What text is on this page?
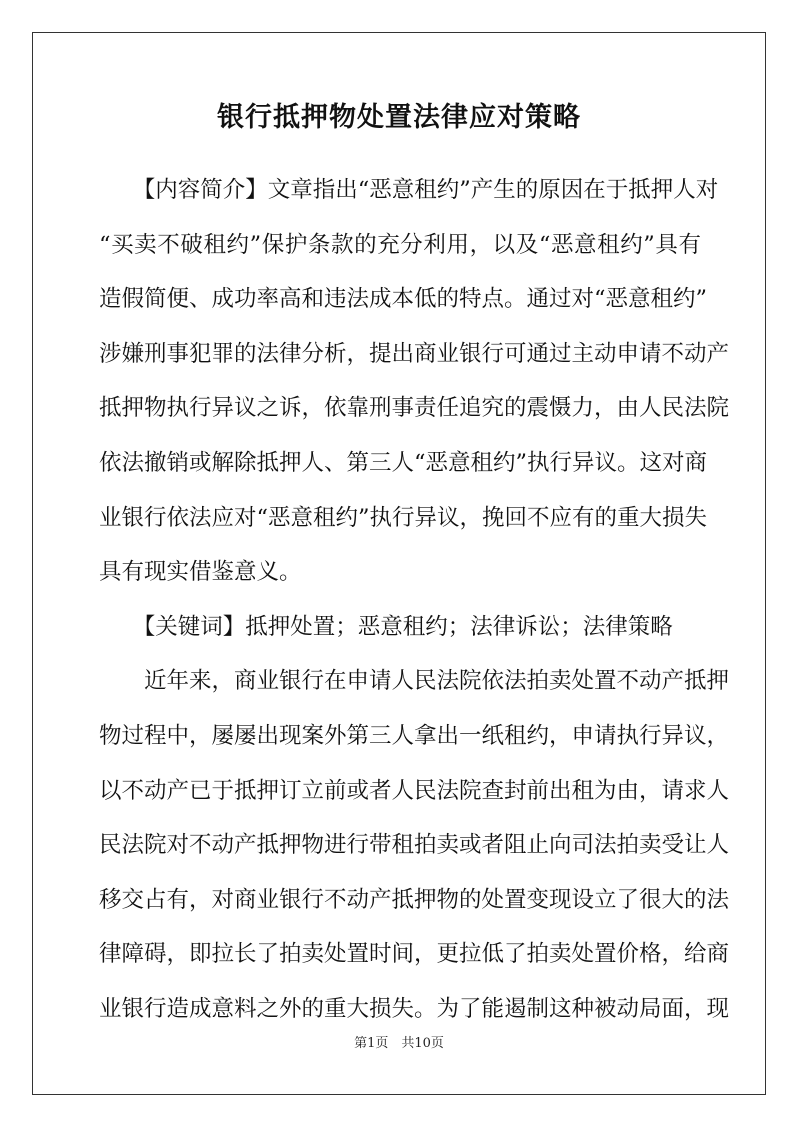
银行抵押物处置法律应对策略
　　【内容简介】文章指出“恶意租约”产生的原因在于抵押人对
“买卖不破租约”保护条款的充分利用，以及“恶意租约”具有
造假简便、成功率高和违法成本低的特点。通过对“恶意租约”
涉嫌刑事犯罪的法律分析，提出商业银行可通过主动申请不动产
抵押物执行异议之诉，依靠刑事责任追究的震慑力，由人民法院
依法撤销或解除抵押人、第三人“恶意租约”执行异议。这对商
业银行依法应对“恶意租约”执行异议，挽回不应有的重大损失
具有现实借鉴意义。
　　【关键词】抵押处置；恶意租约；法律诉讼；法律策略
　　近年来，商业银行在申请人民法院依法拍卖处置不动产抵押
物过程中，屡屡出现案外第三人拿出一纸租约，申请执行异议，
以不动产已于抵押订立前或者人民法院查封前出租为由，请求人
民法院对不动产抵押物进行带租拍卖或者阻止向司法拍卖受让人
移交占有，对商业银行不动产抵押物的处置变现设立了很大的法
律障碍，即拉长了拍卖处置时间，更拉低了拍卖处置价格，给商
业银行造成意料之外的重大损失。为了能遏制这种被动局面，现
第1页　共10页
